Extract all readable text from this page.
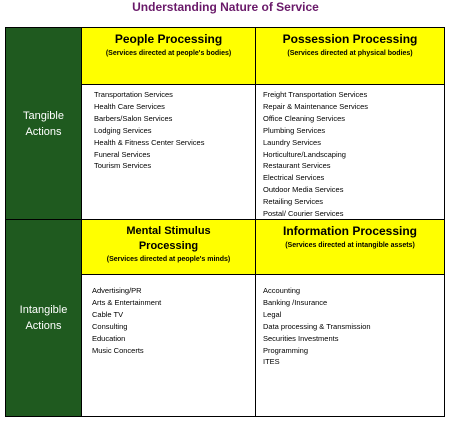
Understanding Nature of Service
Tangible Actions
Intangible Actions
People Processing
(Services directed at people's bodies)
Transportation Services
Health Care Services
Barbers/Salon Services
Lodging Services
Health & Fitness Center Services
Funeral Services
Tourism Services
Possession Processing
(Services directed at physical bodies)
Freight Transportation Services
Repair & Maintenance Services
Office Cleaning Services
Plumbing Services
Laundry Services
Horticulture/Landscaping
Restaurant Services
Electrical Services
Outdoor Media Services
Retailing Services
Postal/ Courier Services
Mental Stimulus Processing
(Services directed at people's minds)
Advertising/PR
Arts & Entertainment
Cable TV
Consulting
Education
Music Concerts
Information Processing
(Services directed at intangible assets)
Accounting
Banking /Insurance
Legal
Data processing & Transmission
Securities Investments
Programming
ITES
